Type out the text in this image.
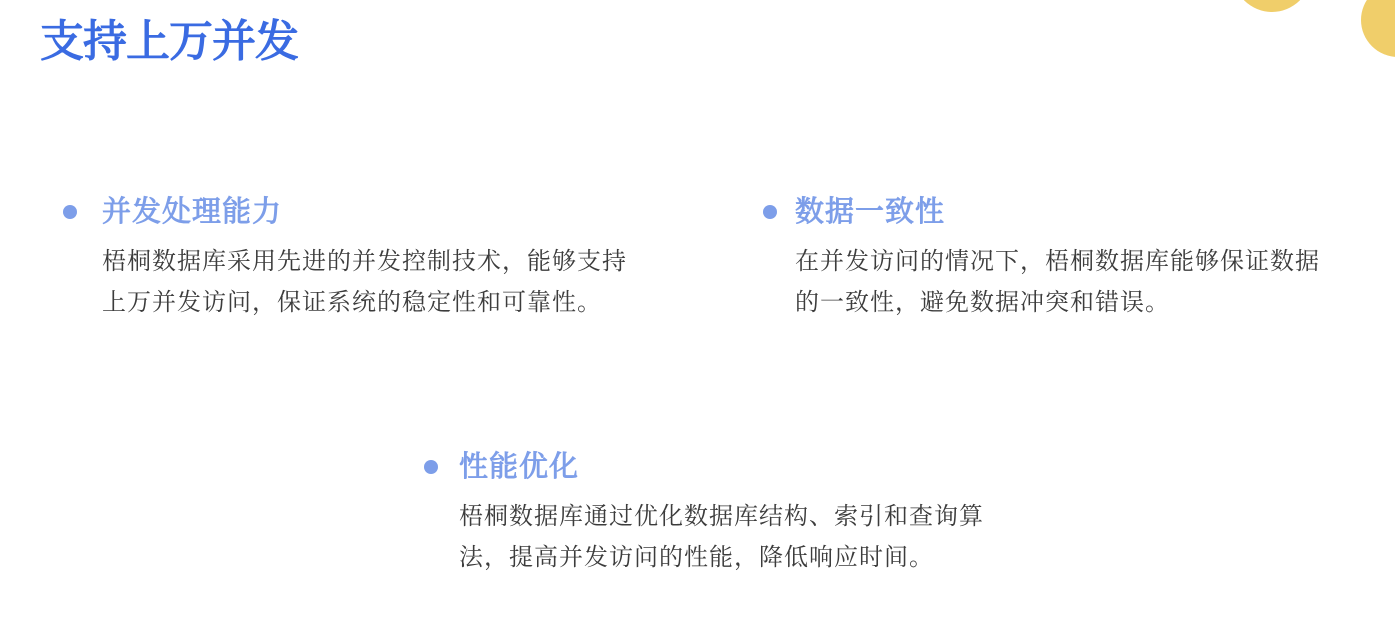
支持上万并发
并发处理能力
梧桐数据库采用先进的并发控制技术，能够支持
上万并发访问，保证系统的稳定性和可靠性。
数据一致性
在并发访问的情况下，梧桐数据库能够保证数据
的一致性，避免数据冲突和错误。
性能优化
梧桐数据库通过优化数据库结构、索引和查询算
法，提高并发访问的性能，降低响应时间。
